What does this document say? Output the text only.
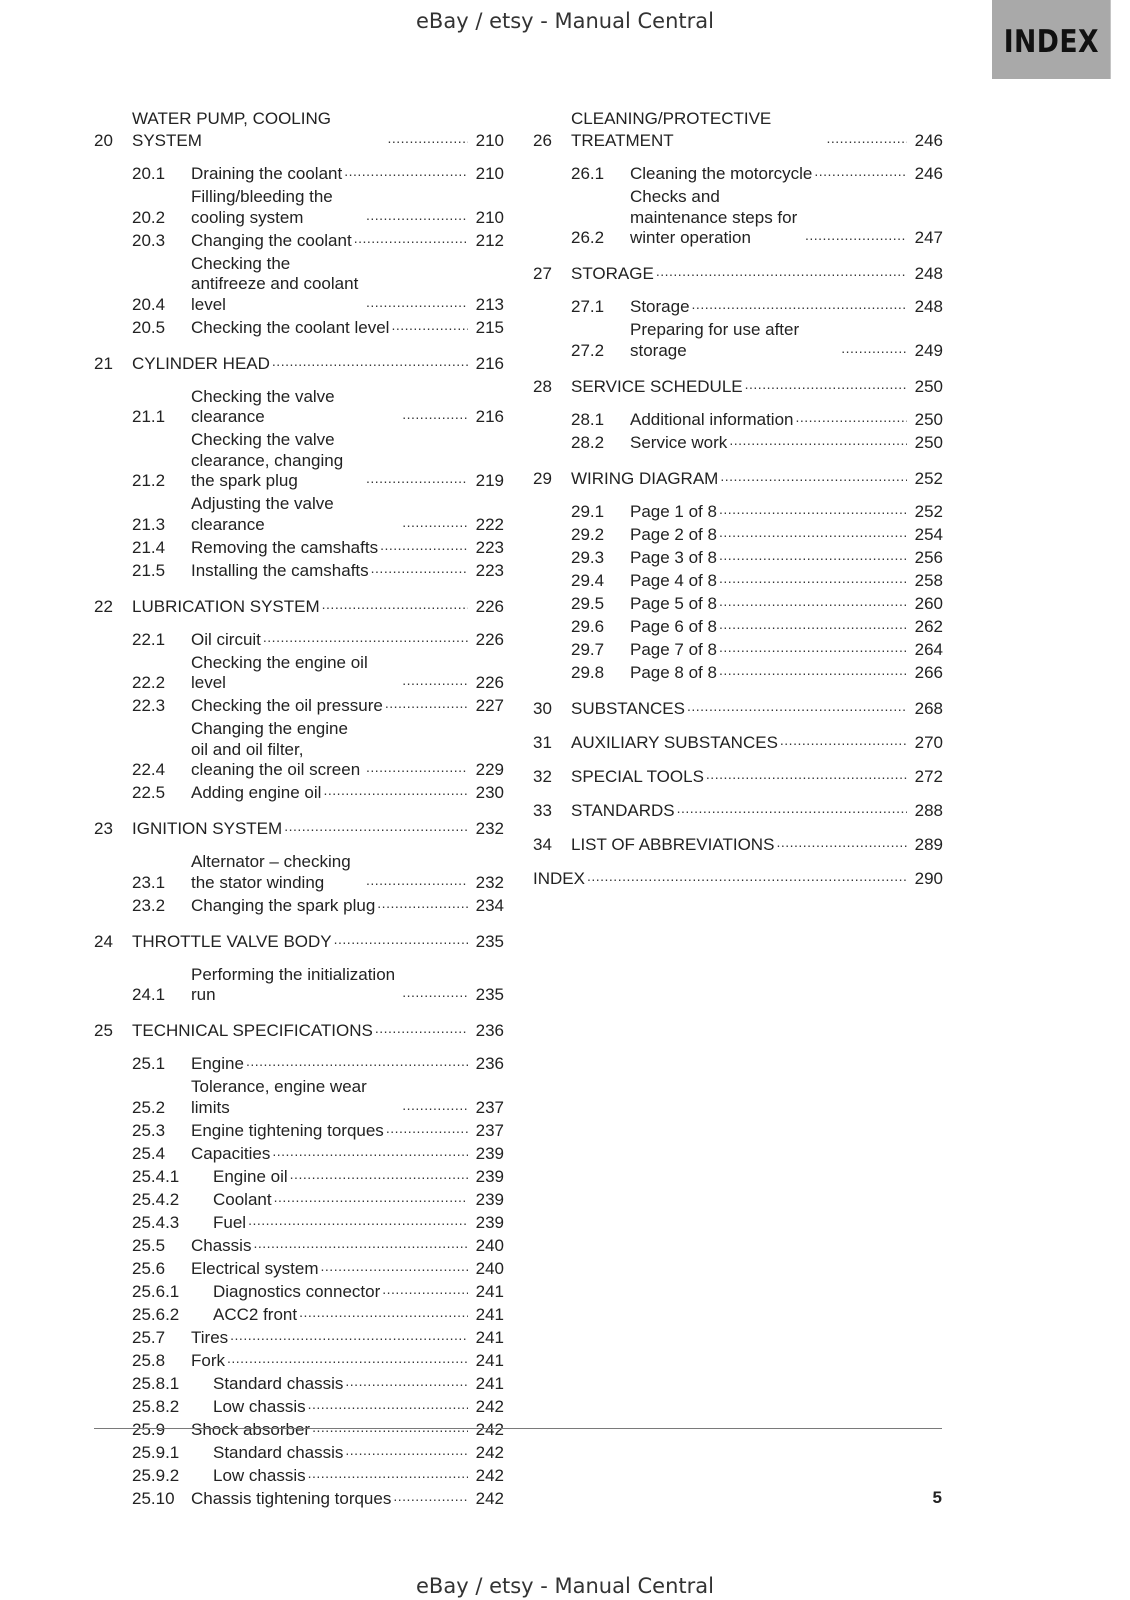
eBay / etsy - Manual Central
INDEX
20
WATER PUMP, COOLING SYSTEM .....	210
20.1	Draining the coolant .....	210
20.2
Filling/bleeding the cooling system .....	210
20.3	Changing the coolant .....	212
20.4
Checking the antifreeze and coolant level .....	213
20.5	Checking the coolant level .....	215
21	CYLINDER HEAD .....	216
21.1
Checking the valve clearance .....	216
21.2
Checking the valve clearance, changing the spark plug .....	219
21.3
Adjusting the valve clearance .....	222
21.4	Removing the camshafts .....	223
21.5	Installing the camshafts .....	223
22	LUBRICATION SYSTEM .....	226
22.1	Oil circuit .....	226
22.2
Checking the engine oil level .....	226
22.3	Checking the oil pressure .....	227
22.4
Changing the engine oil and oil filter, cleaning the oil screen .....	229
22.5	Adding engine oil .....	230
23	IGNITION SYSTEM .....	232
23.1
Alternator – checking the stator winding .....	232
23.2	Changing the spark plug .....	234
24	THROTTLE VALVE BODY .....	235
24.1
Performing the initialization run .....	235
25	TECHNICAL SPECIFICATIONS .....	236
25.1	Engine .....	236
25.2
Tolerance, engine wear limits .....	237
25.3	Engine tightening torques .....	237
25.4	Capacities .....	239
25.4.1	Engine oil .....	239
25.4.2	Coolant .....	239
25.4.3	Fuel .....	239
25.5	Chassis .....	240
25.6	Electrical system .....	240
25.6.1	Diagnostics connector .....	241
25.6.2	ACC2 front .....	241
25.7	Tires .....	241
25.8	Fork .....	241
25.8.1	Standard chassis .....	241
25.8.2	Low chassis .....	242
25.9	Shock absorber .....	242
25.9.1	Standard chassis .....	242
25.9.2	Low chassis .....	242
25.10 Chassis tightening torques .....	242
26
CLEANING/PROTECTIVE TREATMENT .....	246
26.1	Cleaning the motorcycle .....	246
26.2
Checks and maintenance steps for winter operation .....	247
27	STORAGE .....	248
27.1	Storage .....	248
27.2
Preparing for use after storage .....	249
28	SERVICE SCHEDULE .....	250
28.1	Additional information .....	250
28.2	Service work .....	250
29	WIRING DIAGRAM .....	252
29.1	Page 1 of 8 .....	252
29.2	Page 2 of 8 .....	254
29.3	Page 3 of 8 .....	256
29.4	Page 4 of 8 .....	258
29.5	Page 5 of 8 .....	260
29.6	Page 6 of 8 .....	262
29.7	Page 7 of 8 .....	264
29.8	Page 8 of 8 .....	266
30	SUBSTANCES .....	268
31	AUXILIARY SUBSTANCES .....	270
32	SPECIAL TOOLS .....	272
33	STANDARDS .....	288
34	LIST OF ABBREVIATIONS .....	289
INDEX .....	290
5
eBay / etsy - Manual Central
